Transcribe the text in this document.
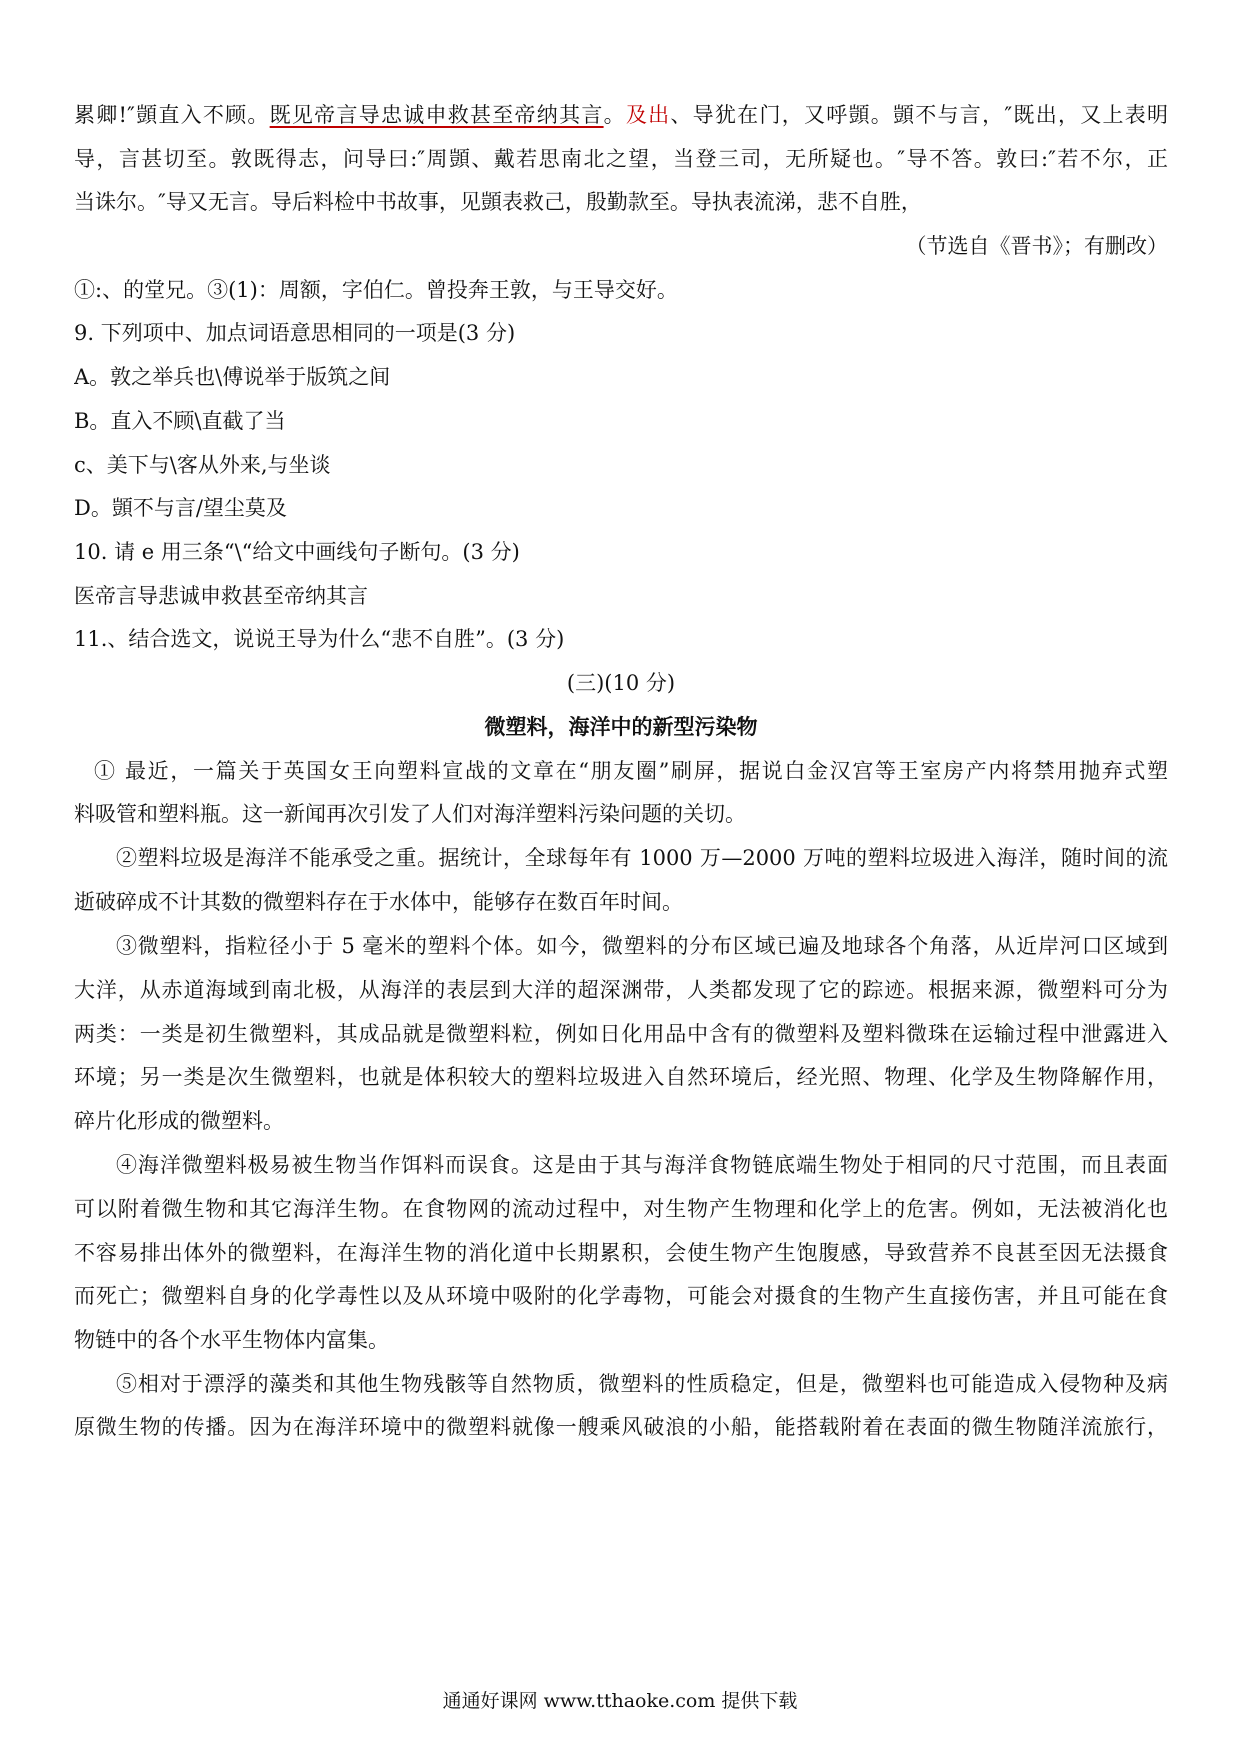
累卿!″顗直入不顾。既见帝言导忠诚申救甚至帝纳其言。及出、导犹在门，又呼顗。顗不与言，″既出，又上表明
导，言甚切至。敦既得志，问导曰:″周顗、戴若思南北之望，当登三司，无所疑也。″导不答。敦曰:″若不尔，正
当诛尔。″导又无言。导后料检中书故事，见顗表救己，殷勤款至。导执表流涕，悲不自胜，
（节选自《晋书》；有删改）
①:、的堂兄。③(1)：周额，字伯仁。曾投奔王敦，与王导交好。
9. 下列项中、加点词语意思相同的一项是(3 分)
A。敦之举兵也\傅说举于版筑之间
B。直入不顾\直截了当
c、美下与\客从外来,与坐谈
D。顗不与言/望尘莫及
10. 请 e 用三条“\“给文中画线句子断句。(3 分)
医帝言导悲诚申救甚至帝纳其言
11.、结合选文，说说王导为什么“悲不自胜”。(3 分)
(三)(10 分)
微塑料，海洋中的新型污染物
① 最近，一篇关于英国女王向塑料宣战的文章在“朋友圈”刷屏，据说白金汉宫等王室房产内将禁用抛弃式塑
料吸管和塑料瓶。这一新闻再次引发了人们对海洋塑料污染问题的关切。
②塑料垃圾是海洋不能承受之重。据统计，全球每年有 1000 万—2000 万吨的塑料垃圾进入海洋，随时间的流
逝破碎成不计其数的微塑料存在于水体中，能够存在数百年时间。
③微塑料，指粒径小于 5 毫米的塑料个体。如今，微塑料的分布区域已遍及地球各个角落，从近岸河口区域到
大洋，从赤道海域到南北极，从海洋的表层到大洋的超深渊带，人类都发现了它的踪迹。根据来源，微塑料可分为
两类：一类是初生微塑料，其成品就是微塑料粒，例如日化用品中含有的微塑料及塑料微珠在运输过程中泄露进入
环境；另一类是次生微塑料，也就是体积较大的塑料垃圾进入自然环境后，经光照、物理、化学及生物降解作用，
碎片化形成的微塑料。
④海洋微塑料极易被生物当作饵料而误食。这是由于其与海洋食物链底端生物处于相同的尺寸范围，而且表面
可以附着微生物和其它海洋生物。在食物网的流动过程中，对生物产生物理和化学上的危害。例如，无法被消化也
不容易排出体外的微塑料，在海洋生物的消化道中长期累积，会使生物产生饱腹感，导致营养不良甚至因无法摄食
而死亡；微塑料自身的化学毒性以及从环境中吸附的化学毒物，可能会对摄食的生物产生直接伤害，并且可能在食
物链中的各个水平生物体内富集。
⑤相对于漂浮的藻类和其他生物残骸等自然物质，微塑料的性质稳定，但是，微塑料也可能造成入侵物种及病
原微生物的传播。因为在海洋环境中的微塑料就像一艘乘风破浪的小船，能搭载附着在表面的微生物随洋流旅行，
通通好课网 www.tthaoke.com 提供下载
